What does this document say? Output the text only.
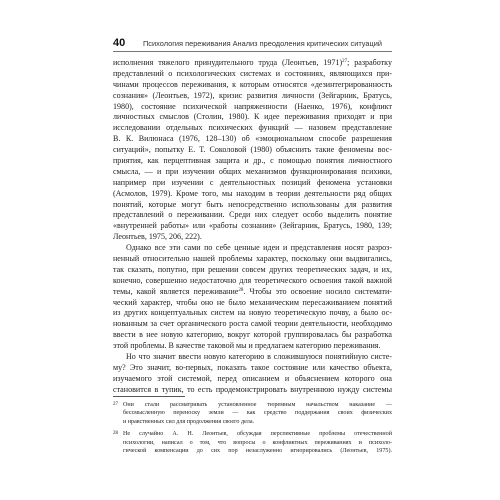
40	Психология переживания Анализ преодоления критических ситуаций
исполнения тяжелого принудительного труда (Леонтьев, 1971)$^{27}$; разработку
представлений о психологических системах и состояниях, являющихся при-
чинами процессов переживания, к которым относятся «дезинтегрированность
сознания» (Леонтьев, 1972), кризис развития личности (Зейгарник, Братусь,
1980), состояние психической напряженности (Наенко, 1976), конфликт
личностных смыслов (Столин, 1980). К идее переживания приходят и при
исследовании отдельных психических функций — назовем представление
В. К. Вилюнаса (1976, 128–130) об «эмоциональном способе разрешения
ситуаций», попытку Е. Т. Соколовой (1980) объяснить такие феномены вос-
приятия, как перцептивная защита и др., с помощью понятия личностного
смысла, — и при изучении общих механизмов функционирования психики,
например при изучении с деятельностных позиций феномена установки
(Асмолов, 1979). Кроме того, мы находим в теории деятельности ряд общих
понятий, которые могут быть непосредственно использованы для развития
представлений о переживании. Среди них следует особо выделить понятие
«внутренней работы» или «работы сознания» (Зейгарник, Братусь, 1980, 139;
Леонтьев, 1975, 206, 222).
Однако все эти сами по себе ценные идеи и представления носят разроз-
ненный относительно нашей проблемы характер, поскольку они выдвигались,
так сказать, попутно, при решении совсем других теоретических задач, и их,
конечно, совершенно недостаточно для теоретического освоения такой важной
темы, какой является переживание$^{28}$. Чтобы это освоение носило системати-
ческий характер, чтобы оно не было механическим пересаживанием понятий
из других концептуальных систем на новую теоретическую почву, а было ос-
нованным за счет органического роста самой теории деятельности, необходимо
ввести в нее новую категорию, вокруг которой группировалась бы разработка
этой проблемы. В качестве таковой мы и предлагаем категорию переживания.
Но что значит ввести новую категорию в сложившуюся понятийную систе-
му? Это значит, во-первых, показать такое состояние или качество объекта,
изучаемого этой системой, перед описанием и объяснением которого она
становится в тупик, то есть продемонстрировать внутреннюю нужду системы
27 Они стали рассматривать установленное тюремным начальством наказание —
бессмысленную переноску земли — как средство поддержания своих физических
и нравственных сил для продолжения своего дела.
28 Не случайно А. Н. Леонтьев, обсуждая перспективные проблемы отечественной
психологии, написал о том, что вопросы о конфликтных переживаниях и психоло-
гической компенсации до сих пор незаслуженно игнорировались (Леонтьев, 1975).
